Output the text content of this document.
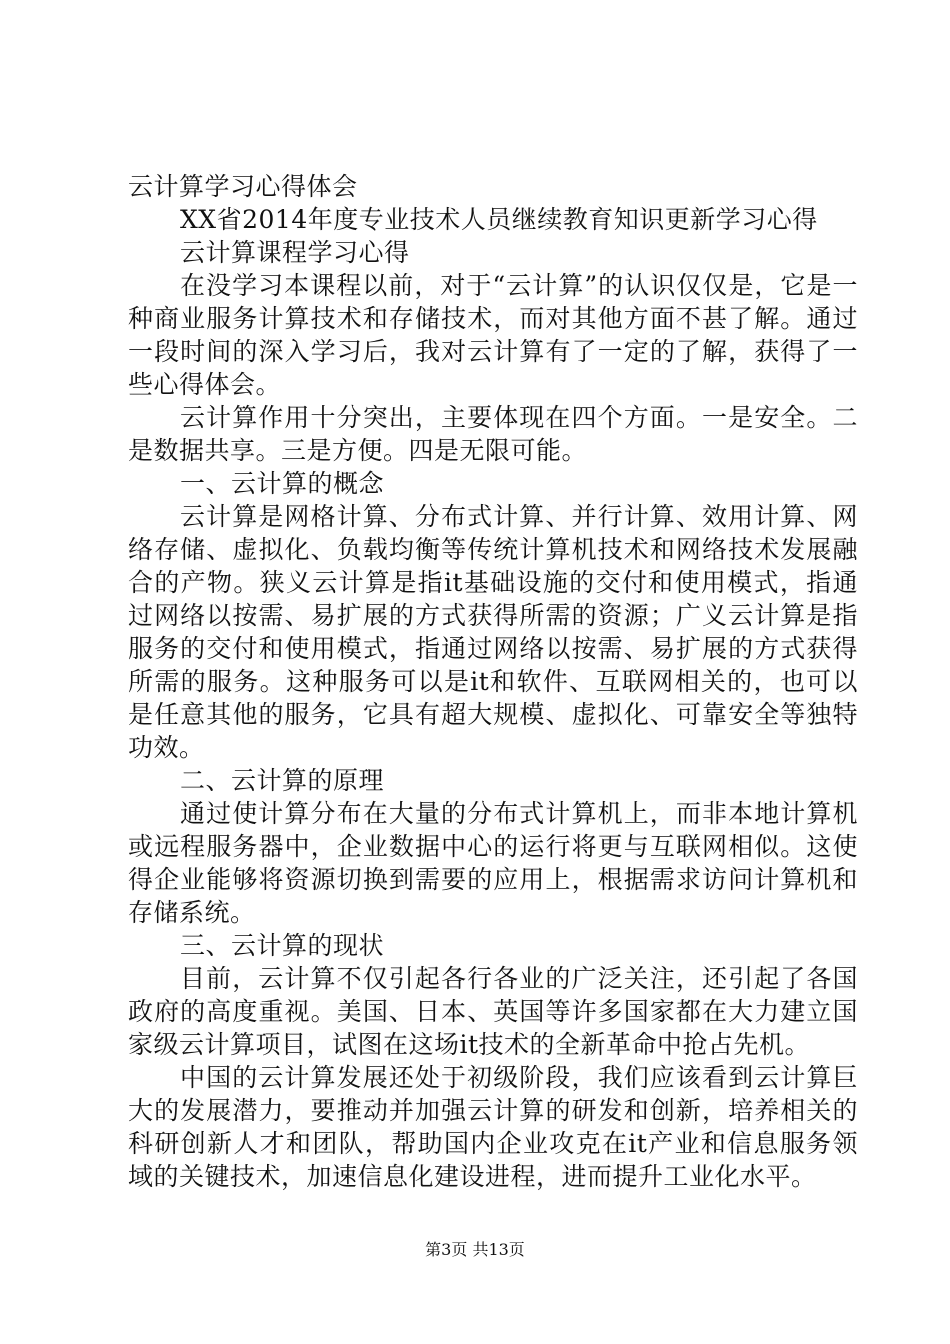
云计算学习心得体会

XX省2014年度专业技术人员继续教育知识更新学习心得

云计算课程学习心得

在没学习本课程以前，对于“云计算”的认识仅仅是，它是一种商业服务计算技术和存储技术，而对其他方面不甚了解。通过一段时间的深入学习后，我对云计算有了一定的了解，获得了一些心得体会。

云计算作用十分突出，主要体现在四个方面。一是安全。二是数据共享。三是方便。四是无限可能。

一、云计算的概念

云计算是网格计算、分布式计算、并行计算、效用计算、网络存储、虚拟化、负载均衡等传统计算机技术和网络技术发展融合的产物。狭义云计算是指it基础设施的交付和使用模式，指通过网络以按需、易扩展的方式获得所需的资源；广义云计算是指服务的交付和使用模式，指通过网络以按需、易扩展的方式获得所需的服务。这种服务可以是it和软件、互联网相关的，也可以是任意其他的服务，它具有超大规模、虚拟化、可靠安全等独特功效。

二、云计算的原理

通过使计算分布在大量的分布式计算机上，而非本地计算机或远程服务器中，企业数据中心的运行将更与互联网相似。这使得企业能够将资源切换到需要的应用上，根据需求访问计算机和存储系统。

三、云计算的现状

目前，云计算不仅引起各行各业的广泛关注，还引起了各国政府的高度重视。美国、日本、英国等许多国家都在大力建立国家级云计算项目，试图在这场it技术的全新革命中抢占先机。

中国的云计算发展还处于初级阶段，我们应该看到云计算巨大的发展潜力，要推动并加强云计算的研发和创新，培养相关的科研创新人才和团队，帮助国内企业攻克在it产业和信息服务领域的关键技术，加速信息化建设进程，进而提升工业化水平。

第3页 共13页
